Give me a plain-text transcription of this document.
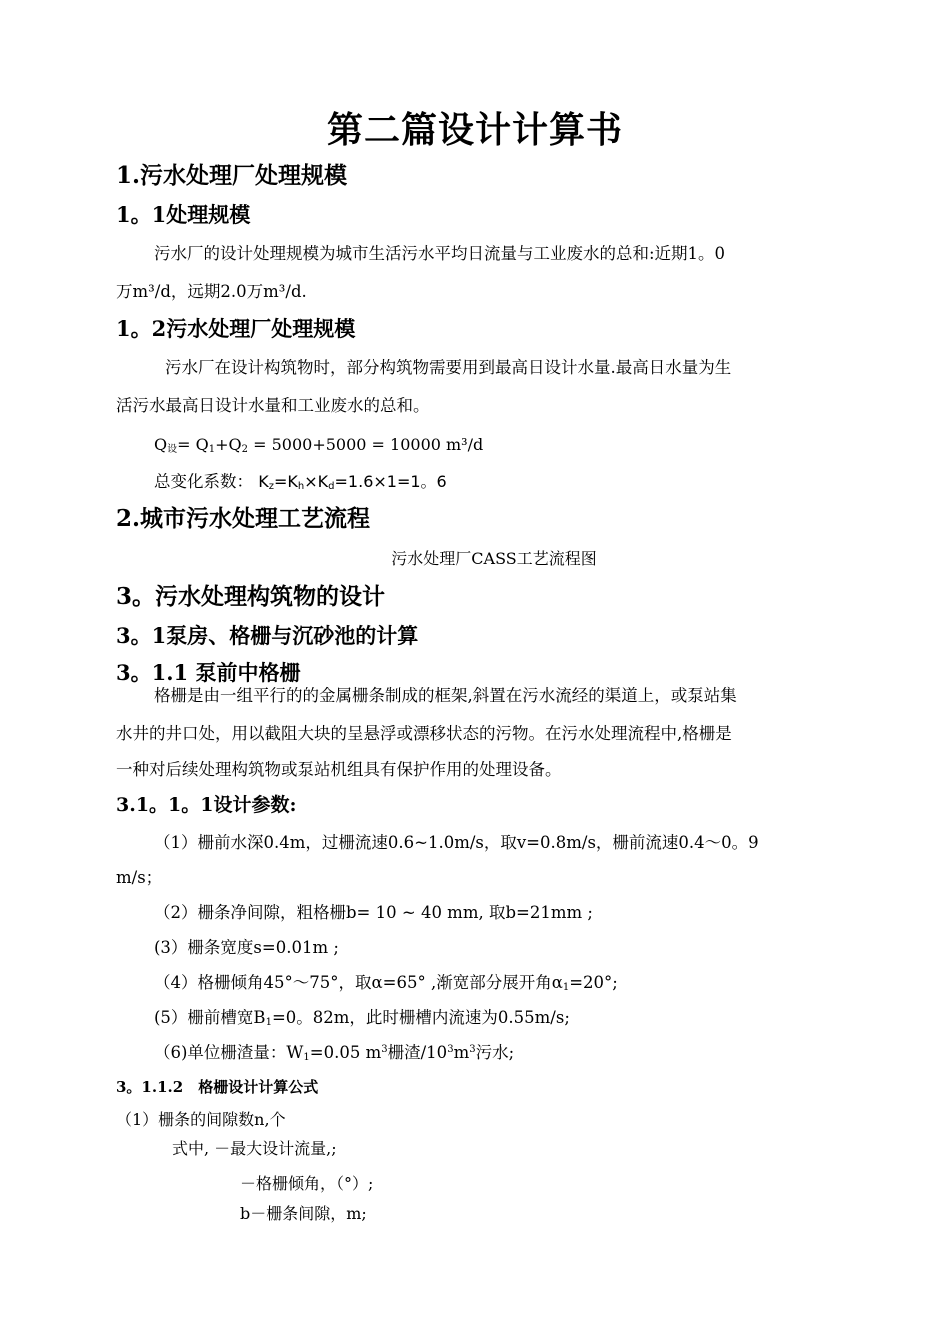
第二篇设计计算书
1.污水处理厂处理规模
1。1处理规模
污水厂的设计处理规模为城市生活污水平均日流量与工业废水的总和:近期1。0
万m³/d，远期2.0万m³/d.
1。2污水处理厂处理规模
污水厂在设计构筑物时，部分构筑物需要用到最高日设计水量.最高日水量为生
活污水最高日设计水量和工业废水的总和。
$Q_设= Q_1+Q_2 = 5000+5000 = 10000$ m³/d
总变化系数： $K_z=K_h\times K_d=1.6\times 1=1$。6
2.城市污水处理工艺流程
污水处理厂CASS工艺流程图
3。污水处理构筑物的设计
3。1泵房、格栅与沉砂池的计算
3。1.1 泵前中格栅
格栅是由一组平行的的金属栅条制成的框架,斜置在污水流经的渠道上，或泵站集
水井的井口处，用以截阻大块的呈悬浮或漂移状态的污物。在污水处理流程中,格栅是
一种对后续处理构筑物或泵站机组具有保护作用的处理设备。
3.1。1。1设计参数:
（1）栅前水深0.4m，过栅流速0.6~1.0m/s，取v=0.8m/s，栅前流速0.4～0。9
m/s；
（2）栅条净间隙，粗格栅b= 10 ~ 40 mm, 取b=21mm ;
(3）栅条宽度s=0.01m ;
（4）格栅倾角45°～75°，取α=65° ,渐宽部分展开角$\alpha_1=20^\circ$;
(5）栅前槽宽$B_1=0$。82m，此时栅槽内流速为0.55m/s;
（6)单位栅渣量：$W_1=0.05$ $m^3$栅渣$/10^3m^3$污水;
3。1.1.2　格栅设计计算公式
（1）栅条的间隙数n,个
式中, －最大设计流量,;
－格栅倾角，（°）;
b－栅条间隙，m;
